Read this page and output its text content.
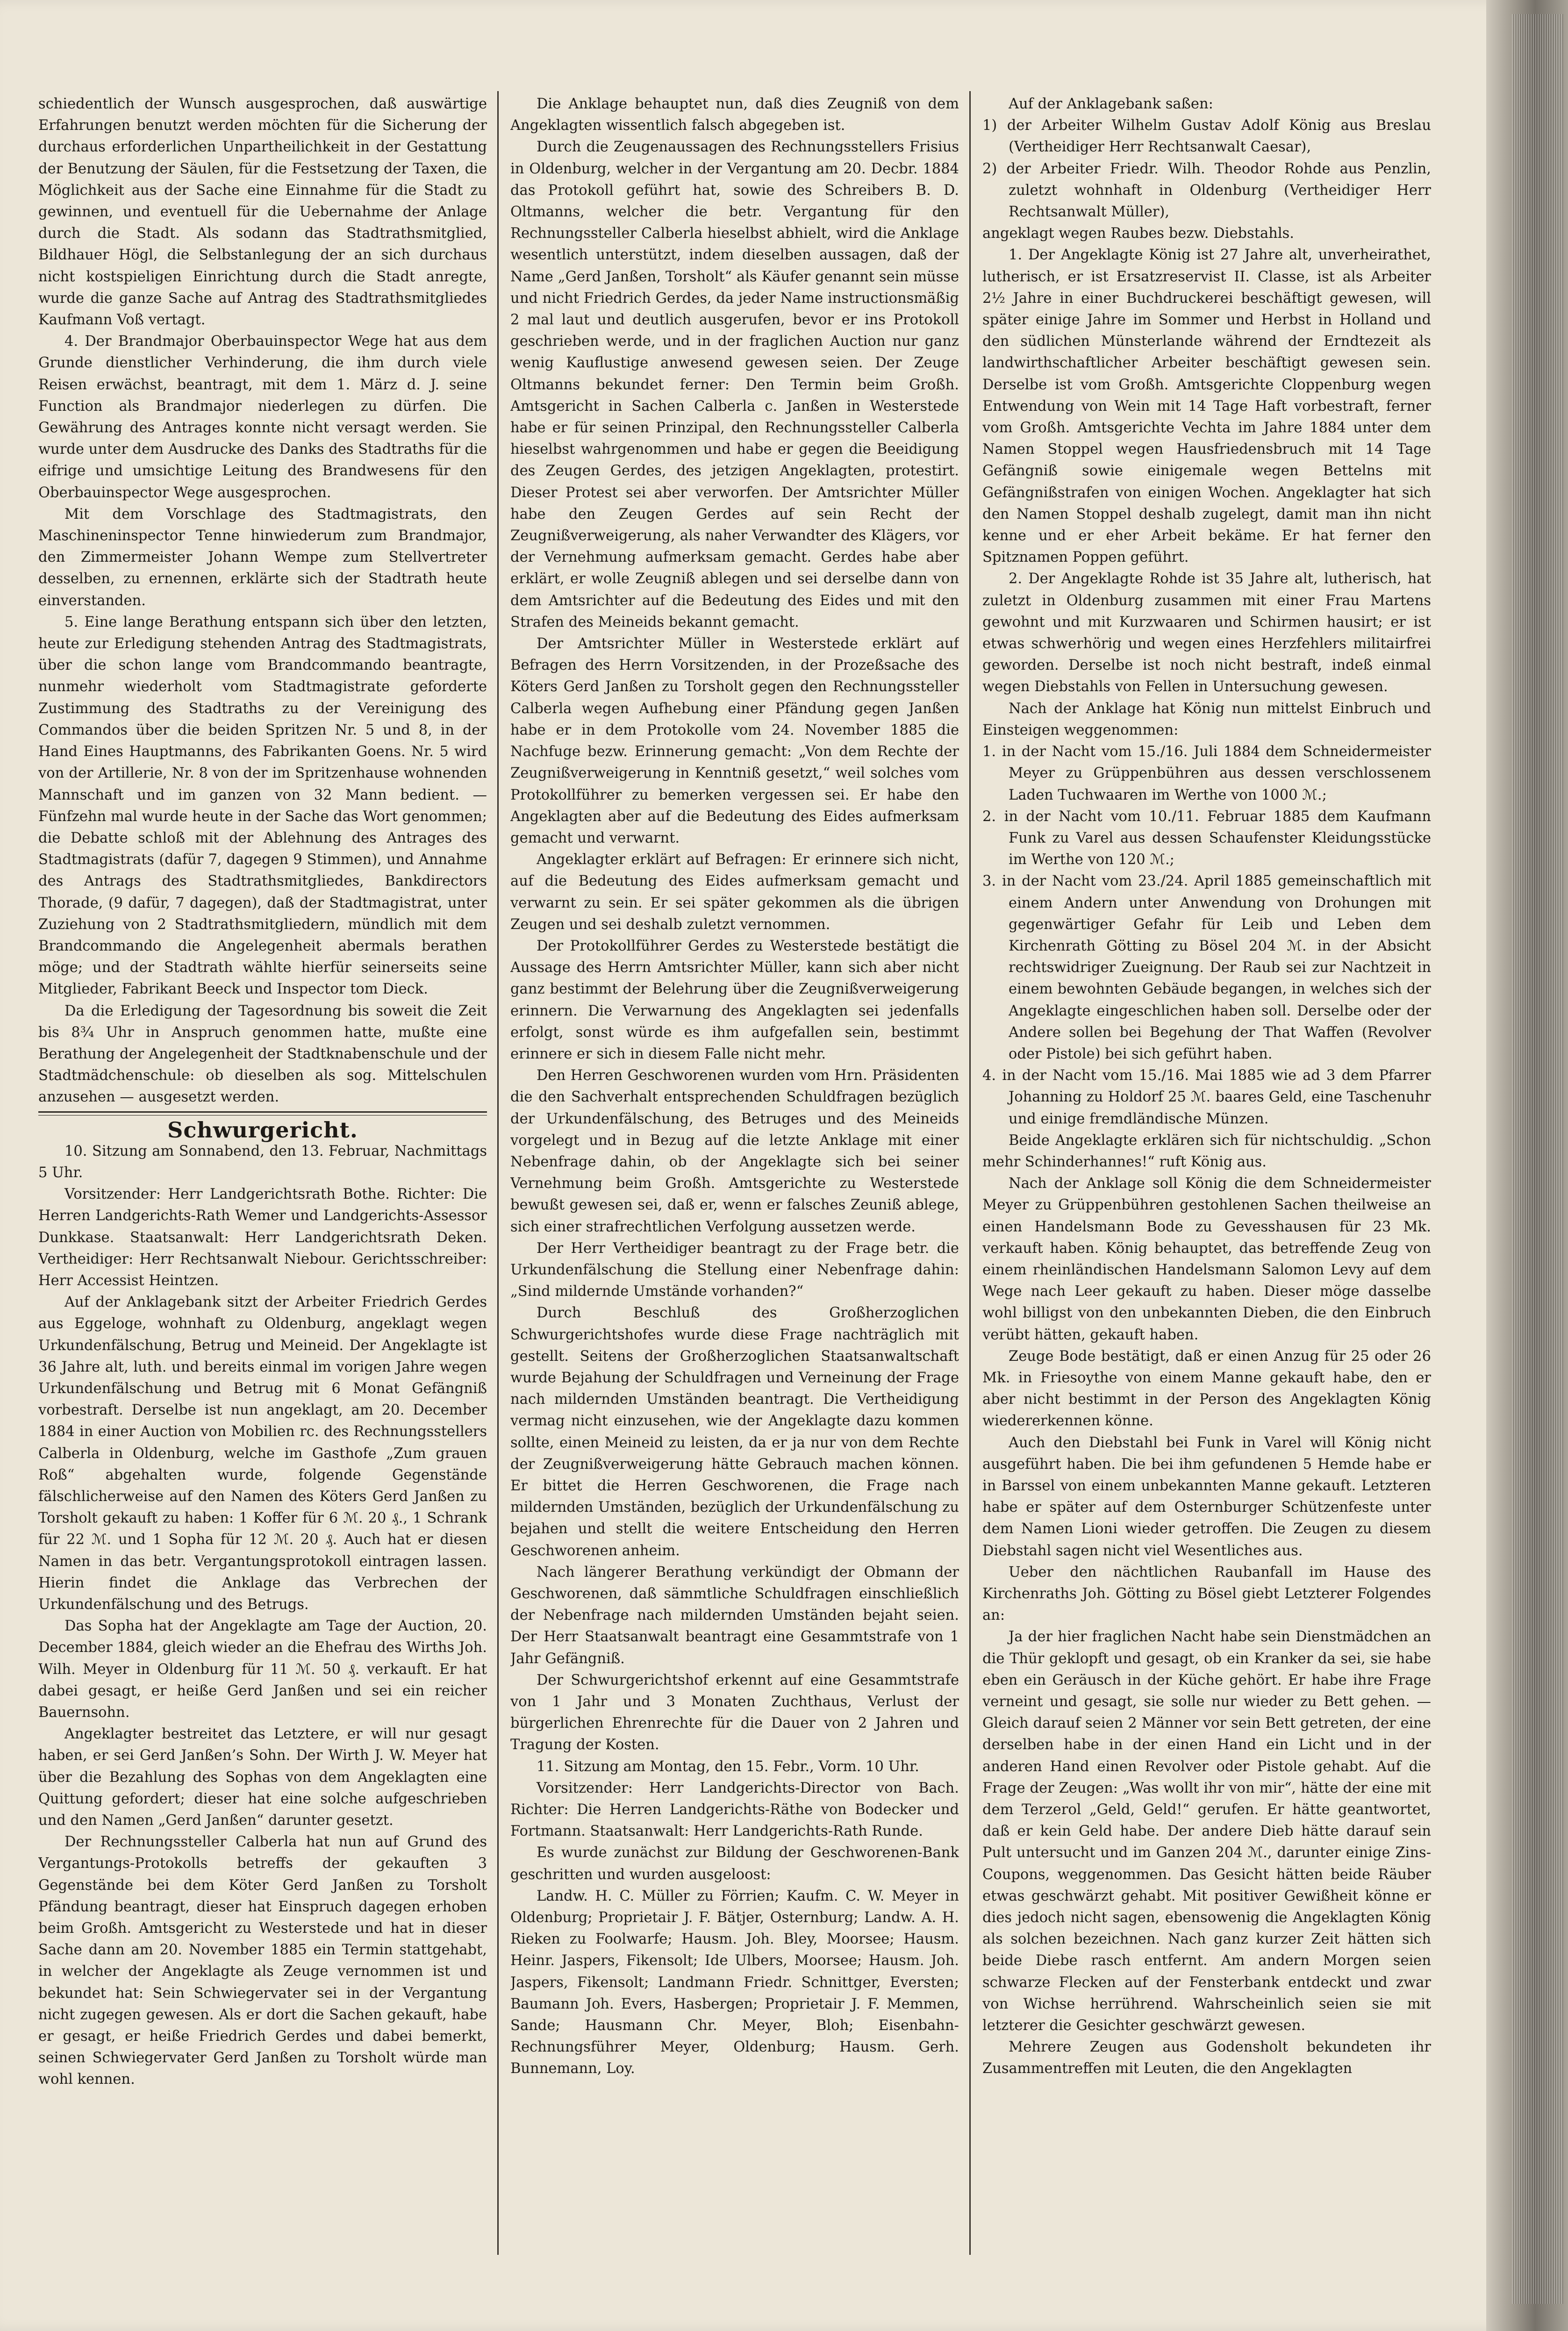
schiedentlich der Wunsch ausgesprochen, daß auswärtige Erfahrungen benutzt werden möchten für die Sicherung der durchaus erforderlichen Unpartheilichkeit in der Gestattung der Benutzung der Säulen, für die Festsetzung der Taxen, die Möglichkeit aus der Sache eine Einnahme für die Stadt zu gewinnen, und eventuell für die Uebernahme der Anlage durch die Stadt. Als sodann das Stadtrathsmitglied, Bildhauer Högl, die Selbstanlegung der an sich durchaus nicht kostspieligen Einrichtung durch die Stadt anregte, wurde die ganze Sache auf Antrag des Stadtrathsmitgliedes Kaufmann Voß vertagt.

4. Der Brandmajor Oberbauinspector Wege hat aus dem Grunde dienstlicher Verhinderung, die ihm durch viele Reisen erwächst, beantragt, mit dem 1. März d. J. seine Function als Brandmajor niederlegen zu dürfen. Die Gewährung des Antrages konnte nicht versagt werden. Sie wurde unter dem Ausdrucke des Danks des Stadtraths für die eifrige und umsichtige Leitung des Brandwesens für den Oberbauinspector Wege ausgesprochen.

Mit dem Vorschlage des Stadtmagistrats, den Maschineninspector Tenne hinwiederum zum Brandmajor, den Zimmermeister Johann Wempe zum Stellvertreter desselben, zu ernennen, erklärte sich der Stadtrath heute einverstanden.

5. Eine lange Berathung entspann sich über den letzten, heute zur Erledigung stehenden Antrag des Stadtmagistrats, über die schon lange vom Brandcommando beantragte, nunmehr wiederholt vom Stadtmagistrate geforderte Zustimmung des Stadtraths zu der Vereinigung des Commandos über die beiden Spritzen Nr. 5 und 8, in der Hand Eines Hauptmanns, des Fabrikanten Goens. Nr. 5 wird von der Artillerie, Nr. 8 von der im Spritzenhause wohnenden Mannschaft und im ganzen von 32 Mann bedient. — Fünfzehn mal wurde heute in der Sache das Wort genommen; die Debatte schloß mit der Ablehnung des Antrages des Stadtmagistrats (dafür 7, dagegen 9 Stimmen), und Annahme des Antrags des Stadtrathsmitgliedes, Bankdirectors Thorade, (9 dafür, 7 dagegen), daß der Stadtmagistrat, unter Zuziehung von 2 Stadtrathsmitgliedern, mündlich mit dem Brandcommando die Angelegenheit abermals berathen möge; und der Stadtrath wählte hierfür seinerseits seine Mitglieder, Fabrikant Beeck und Inspector tom Dieck.

Da die Erledigung der Tagesordnung bis soweit die Zeit bis 8¾ Uhr in Anspruch genommen hatte, mußte eine Berathung der Angelegenheit der Stadtknabenschule und der Stadtmädchenschule: ob dieselben als sog. Mittelschulen anzusehen — ausgesetzt werden.

Schwurgericht.

10. Sitzung am Sonnabend, den 13. Februar, Nachmittags 5 Uhr.

Vorsitzender: Herr Landgerichtsrath Bothe. Richter: Die Herren Landgerichts-Rath Wemer und Landgerichts-Assessor Dunkkase. Staatsanwalt: Herr Landgerichtsrath Deken. Vertheidiger: Herr Rechtsanwalt Niebour. Gerichtsschreiber: Herr Accessist Heintzen.

Auf der Anklagebank sitzt der Arbeiter Friedrich Gerdes aus Eggeloge, wohnhaft zu Oldenburg, angeklagt wegen Urkundenfälschung, Betrug und Meineid. Der Angeklagte ist 36 Jahre alt, luth. und bereits einmal im vorigen Jahre wegen Urkundenfälschung und Betrug mit 6 Monat Gefängniß vorbestraft. Derselbe ist nun angeklagt, am 20. December 1884 in einer Auction von Mobilien rc. des Rechnungsstellers Calberla in Oldenburg, welche im Gasthofe „Zum grauen Roß“ abgehalten wurde, folgende Gegenstände fälschlicherweise auf den Namen des Köters Gerd Janßen zu Torsholt gekauft zu haben: 1 Koffer für 6 ℳ. 20 ₰., 1 Schrank für 22 ℳ. und 1 Sopha für 12 ℳ. 20 ₰. Auch hat er diesen Namen in das betr. Vergantungsprotokoll eintragen lassen. Hierin findet die Anklage das Verbrechen der Urkundenfälschung und des Betrugs.

Das Sopha hat der Angeklagte am Tage der Auction, 20. December 1884, gleich wieder an die Ehefrau des Wirths Joh. Wilh. Meyer in Oldenburg für 11 ℳ. 50 ₰. verkauft. Er hat dabei gesagt, er heiße Gerd Janßen und sei ein reicher Bauernsohn.

Angeklagter bestreitet das Letztere, er will nur gesagt haben, er sei Gerd Janßen’s Sohn. Der Wirth J. W. Meyer hat über die Bezahlung des Sophas von dem Angeklagten eine Quittung gefordert; dieser hat eine solche aufgeschrieben und den Namen „Gerd Janßen“ darunter gesetzt.

Der Rechnungssteller Calberla hat nun auf Grund des Vergantungs-Protokolls betreffs der gekauften 3 Gegenstände bei dem Köter Gerd Janßen zu Torsholt Pfändung beantragt, dieser hat Einspruch dagegen erhoben beim Großh. Amtsgericht zu Westerstede und hat in dieser Sache dann am 20. November 1885 ein Termin stattgehabt, in welcher der Angeklagte als Zeuge vernommen ist und bekundet hat: Sein Schwiegervater sei in der Vergantung nicht zugegen gewesen. Als er dort die Sachen gekauft, habe er gesagt, er heiße Friedrich Gerdes und dabei bemerkt, seinen Schwiegervater Gerd Janßen zu Torsholt würde man wohl kennen.

Die Anklage behauptet nun, daß dies Zeugniß von dem Angeklagten wissentlich falsch abgegeben ist.

Durch die Zeugenaussagen des Rechnungsstellers Frisius in Oldenburg, welcher in der Vergantung am 20. Decbr. 1884 das Protokoll geführt hat, sowie des Schreibers B. D. Oltmanns, welcher die betr. Vergantung für den Rechnungssteller Calberla hieselbst abhielt, wird die Anklage wesentlich unterstützt, indem dieselben aussagen, daß der Name „Gerd Janßen, Torsholt“ als Käufer genannt sein müsse und nicht Friedrich Gerdes, da jeder Name instructionsmäßig 2 mal laut und deutlich ausgerufen, bevor er ins Protokoll geschrieben werde, und in der fraglichen Auction nur ganz wenig Kauflustige anwesend gewesen seien. Der Zeuge Oltmanns bekundet ferner: Den Termin beim Großh. Amtsgericht in Sachen Calberla c. Janßen in Westerstede habe er für seinen Prinzipal, den Rechnungssteller Calberla hieselbst wahrgenommen und habe er gegen die Beeidigung des Zeugen Gerdes, des jetzigen Angeklagten, protestirt. Dieser Protest sei aber verworfen. Der Amtsrichter Müller habe den Zeugen Gerdes auf sein Recht der Zeugnißverweigerung, als naher Verwandter des Klägers, vor der Vernehmung aufmerksam gemacht. Gerdes habe aber erklärt, er wolle Zeugniß ablegen und sei derselbe dann von dem Amtsrichter auf die Bedeutung des Eides und mit den Strafen des Meineids bekannt gemacht.

Der Amtsrichter Müller in Westerstede erklärt auf Befragen des Herrn Vorsitzenden, in der Prozeßsache des Köters Gerd Janßen zu Torsholt gegen den Rechnungssteller Calberla wegen Aufhebung einer Pfändung gegen Janßen habe er in dem Protokolle vom 24. November 1885 die Nachfuge bezw. Erinnerung gemacht: „Von dem Rechte der Zeugnißverweigerung in Kenntniß gesetzt,“ weil solches vom Protokollführer zu bemerken vergessen sei. Er habe den Angeklagten aber auf die Bedeutung des Eides aufmerksam gemacht und verwarnt.

Angeklagter erklärt auf Befragen: Er erinnere sich nicht, auf die Bedeutung des Eides aufmerksam gemacht und verwarnt zu sein. Er sei später gekommen als die übrigen Zeugen und sei deshalb zuletzt vernommen.

Der Protokollführer Gerdes zu Westerstede bestätigt die Aussage des Herrn Amtsrichter Müller, kann sich aber nicht ganz bestimmt der Belehrung über die Zeugnißverweigerung erinnern. Die Verwarnung des Angeklagten sei jedenfalls erfolgt, sonst würde es ihm aufgefallen sein, bestimmt erinnere er sich in diesem Falle nicht mehr.

Den Herren Geschworenen wurden vom Hrn. Präsidenten die den Sachverhalt entsprechenden Schuldfragen bezüglich der Urkundenfälschung, des Betruges und des Meineids vorgelegt und in Bezug auf die letzte Anklage mit einer Nebenfrage dahin, ob der Angeklagte sich bei seiner Vernehmung beim Großh. Amtsgerichte zu Westerstede bewußt gewesen sei, daß er, wenn er falsches Zeuniß ablege, sich einer strafrechtlichen Verfolgung aussetzen werde.

Der Herr Vertheidiger beantragt zu der Frage betr. die Urkundenfälschung die Stellung einer Nebenfrage dahin: „Sind mildernde Umstände vorhanden?“

Durch Beschluß des Großherzoglichen Schwurgerichtshofes wurde diese Frage nachträglich mit gestellt. Seitens der Großherzoglichen Staatsanwaltschaft wurde Bejahung der Schuldfragen und Verneinung der Frage nach mildernden Umständen beantragt. Die Vertheidigung vermag nicht einzusehen, wie der Angeklagte dazu kommen sollte, einen Meineid zu leisten, da er ja nur von dem Rechte der Zeugnißverweigerung hätte Gebrauch machen können. Er bittet die Herren Geschworenen, die Frage nach mildernden Umständen, bezüglich der Urkundenfälschung zu bejahen und stellt die weitere Entscheidung den Herren Geschworenen anheim.

Nach längerer Berathung verkündigt der Obmann der Geschworenen, daß sämmtliche Schuldfragen einschließlich der Nebenfrage nach mildernden Umständen bejaht seien. Der Herr Staatsanwalt beantragt eine Gesammtstrafe von 1 Jahr Gefängniß.

Der Schwurgerichtshof erkennt auf eine Gesammtstrafe von 1 Jahr und 3 Monaten Zuchthaus, Verlust der bürgerlichen Ehrenrechte für die Dauer von 2 Jahren und Tragung der Kosten.

11. Sitzung am Montag, den 15. Febr., Vorm. 10 Uhr.

Vorsitzender: Herr Landgerichts-Director von Bach. Richter: Die Herren Landgerichts-Räthe von Bodecker und Fortmann. Staatsanwalt: Herr Landgerichts-Rath Runde.

Es wurde zunächst zur Bildung der Geschworenen-Bank geschritten und wurden ausgeloost:

Landw. H. C. Müller zu Förrien; Kaufm. C. W. Meyer in Oldenburg; Proprietair J. F. Bätjer, Osternburg; Landw. A. H. Rieken zu Foolwarfe; Hausm. Joh. Bley, Moorsee; Hausm. Heinr. Jaspers, Fikensolt; Ide Ulbers, Moorsee; Hausm. Joh. Jaspers, Fikensolt; Landmann Friedr. Schnittger, Eversten; Baumann Joh. Evers, Hasbergen; Proprietair J. F. Memmen, Sande; Hausmann Chr. Meyer, Bloh; Eisenbahn-Rechnungsführer Meyer, Oldenburg; Hausm. Gerh. Bunnemann, Loy.

Auf der Anklagebank saßen:

1) der Arbeiter Wilhelm Gustav Adolf König aus Breslau (Vertheidiger Herr Rechtsanwalt Caesar),

2) der Arbeiter Friedr. Wilh. Theodor Rohde aus Penzlin, zuletzt wohnhaft in Oldenburg (Vertheidiger Herr Rechtsanwalt Müller),

angeklagt wegen Raubes bezw. Diebstahls.

1. Der Angeklagte König ist 27 Jahre alt, unverheirathet, lutherisch, er ist Ersatzreservist II. Classe, ist als Arbeiter 2½ Jahre in einer Buchdruckerei beschäftigt gewesen, will später einige Jahre im Sommer und Herbst in Holland und den südlichen Münsterlande während der Erndtezeit als landwirthschaftlicher Arbeiter beschäftigt gewesen sein. Derselbe ist vom Großh. Amtsgerichte Cloppenburg wegen Entwendung von Wein mit 14 Tage Haft vorbestraft, ferner vom Großh. Amtsgerichte Vechta im Jahre 1884 unter dem Namen Stoppel wegen Hausfriedensbruch mit 14 Tage Gefängniß sowie einigemale wegen Bettelns mit Gefängnißstrafen von einigen Wochen. Angeklagter hat sich den Namen Stoppel deshalb zugelegt, damit man ihn nicht kenne und er eher Arbeit bekäme. Er hat ferner den Spitznamen Poppen geführt.

2. Der Angeklagte Rohde ist 35 Jahre alt, lutherisch, hat zuletzt in Oldenburg zusammen mit einer Frau Martens gewohnt und mit Kurzwaaren und Schirmen hausirt; er ist etwas schwerhörig und wegen eines Herzfehlers militairfrei geworden. Derselbe ist noch nicht bestraft, indeß einmal wegen Diebstahls von Fellen in Untersuchung gewesen.

Nach der Anklage hat König nun mittelst Einbruch und Einsteigen weggenommen:

1. in der Nacht vom 15./16. Juli 1884 dem Schneidermeister Meyer zu Grüppenbühren aus dessen verschlossenem Laden Tuchwaaren im Werthe von 1000 ℳ.;

2. in der Nacht vom 10./11. Februar 1885 dem Kaufmann Funk zu Varel aus dessen Schaufenster Kleidungsstücke im Werthe von 120 ℳ.;

3. in der Nacht vom 23./24. April 1885 gemeinschaftlich mit einem Andern unter Anwendung von Drohungen mit gegenwärtiger Gefahr für Leib und Leben dem Kirchenrath Götting zu Bösel 204 ℳ. in der Absicht rechtswidriger Zueignung. Der Raub sei zur Nachtzeit in einem bewohnten Gebäude begangen, in welches sich der Angeklagte eingeschlichen haben soll. Derselbe oder der Andere sollen bei Begehung der That Waffen (Revolver oder Pistole) bei sich geführt haben.

4. in der Nacht vom 15./16. Mai 1885 wie ad 3 dem Pfarrer Johanning zu Holdorf 25 ℳ. baares Geld, eine Taschenuhr und einige fremdländische Münzen.

Beide Angeklagte erklären sich für nichtschuldig. „Schon mehr Schinderhannes!“ ruft König aus.

Nach der Anklage soll König die dem Schneidermeister Meyer zu Grüppenbühren gestohlenen Sachen theilweise an einen Handelsmann Bode zu Gevesshausen für 23 Mk. verkauft haben. König behauptet, das betreffende Zeug von einem rheinländischen Handelsmann Salomon Levy auf dem Wege nach Leer gekauft zu haben. Dieser möge dasselbe wohl billigst von den unbekannten Dieben, die den Einbruch verübt hätten, gekauft haben.

Zeuge Bode bestätigt, daß er einen Anzug für 25 oder 26 Mk. in Friesoythe von einem Manne gekauft habe, den er aber nicht bestimmt in der Person des Angeklagten König wiedererkennen könne.

Auch den Diebstahl bei Funk in Varel will König nicht ausgeführt haben. Die bei ihm gefundenen 5 Hemde habe er in Barssel von einem unbekannten Manne gekauft. Letzteren habe er später auf dem Osternburger Schützenfeste unter dem Namen Lioni wieder getroffen. Die Zeugen zu diesem Diebstahl sagen nicht viel Wesentliches aus.

Ueber den nächtlichen Raubanfall im Hause des Kirchenraths Joh. Götting zu Bösel giebt Letzterer Folgendes an:

Ja der hier fraglichen Nacht habe sein Dienstmädchen an die Thür geklopft und gesagt, ob ein Kranker da sei, sie habe eben ein Geräusch in der Küche gehört. Er habe ihre Frage verneint und gesagt, sie solle nur wieder zu Bett gehen. — Gleich darauf seien 2 Männer vor sein Bett getreten, der eine derselben habe in der einen Hand ein Licht und in der anderen Hand einen Revolver oder Pistole gehabt. Auf die Frage der Zeugen: „Was wollt ihr von mir“, hätte der eine mit dem Terzerol „Geld, Geld!“ gerufen. Er hätte geantwortet, daß er kein Geld habe. Der andere Dieb hätte darauf sein Pult untersucht und im Ganzen 204 ℳ., darunter einige Zins-Coupons, weggenommen. Das Gesicht hätten beide Räuber etwas geschwärzt gehabt. Mit positiver Gewißheit könne er dies jedoch nicht sagen, ebensowenig die Angeklagten König als solchen bezeichnen. Nach ganz kurzer Zeit hätten sich beide Diebe rasch entfernt. Am andern Morgen seien schwarze Flecken auf der Fensterbank entdeckt und zwar von Wichse herrührend. Wahrscheinlich seien sie mit letzterer die Gesichter geschwärzt gewesen.

Mehrere Zeugen aus Godensholt bekundeten ihr Zusammentreffen mit Leuten, die den Angeklagten
